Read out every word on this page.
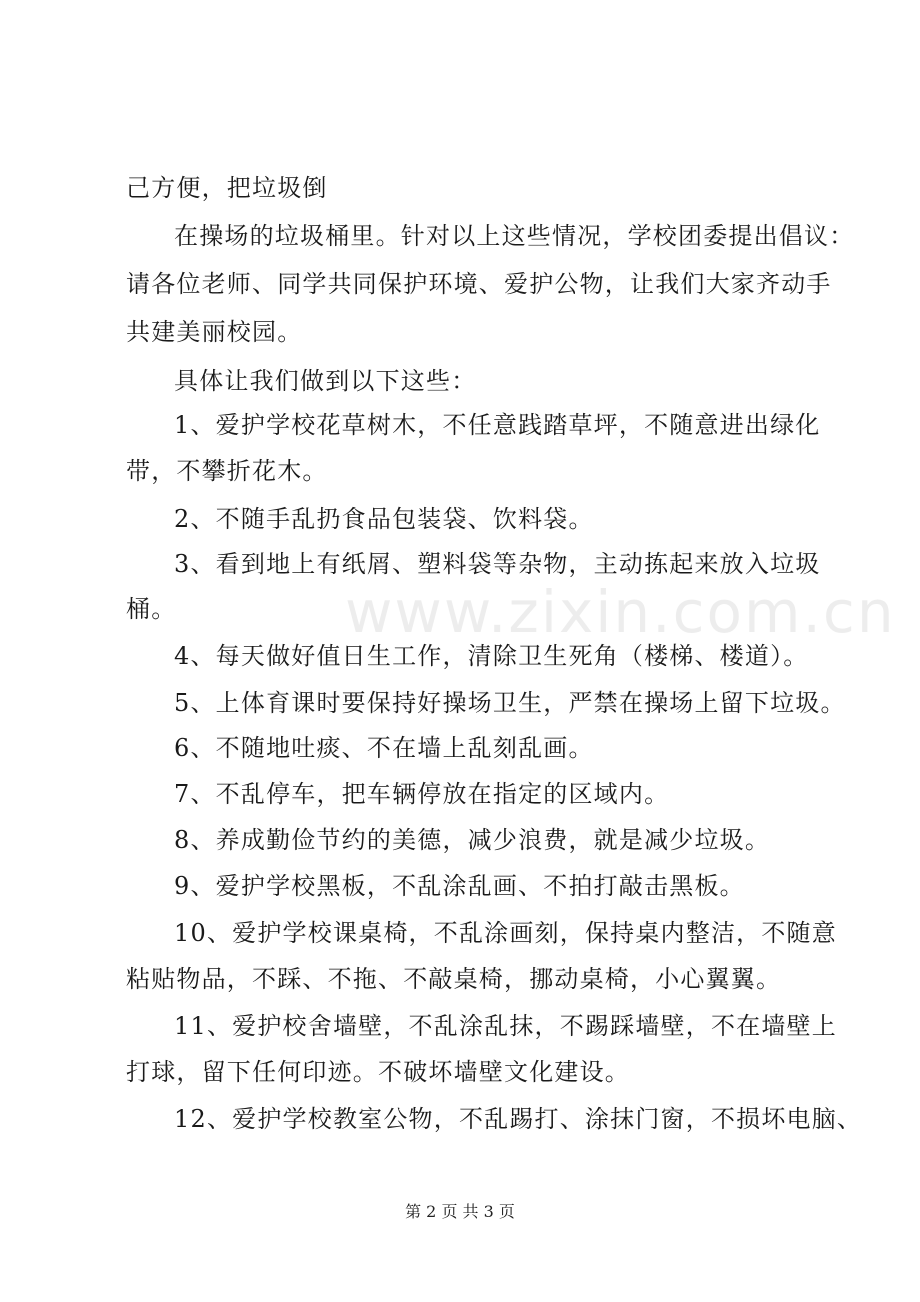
己方便，把垃圾倒
在操场的垃圾桶里。针对以上这些情况，学校团委提出倡议：
请各位老师、同学共同保护环境、爱护公物，让我们大家齐动手
共建美丽校园。
具体让我们做到以下这些：
1、爱护学校花草树木，不任意践踏草坪，不随意进出绿化
带，不攀折花木。
2、不随手乱扔食品包装袋、饮料袋。
3、看到地上有纸屑、塑料袋等杂物，主动拣起来放入垃圾
桶。
4、每天做好值日生工作，清除卫生死角（楼梯、楼道）。
5、上体育课时要保持好操场卫生，严禁在操场上留下垃圾。
6、不随地吐痰、不在墙上乱刻乱画。
7、不乱停车，把车辆停放在指定的区域内。
8、养成勤俭节约的美德，减少浪费，就是减少垃圾。
9、爱护学校黑板，不乱涂乱画、不拍打敲击黑板。
10、爱护学校课桌椅，不乱涂画刻，保持桌内整洁，不随意
粘贴物品，不踩、不拖、不敲桌椅，挪动桌椅，小心翼翼。
11、爱护校舍墙壁，不乱涂乱抹，不踢踩墙壁，不在墙壁上
打球，留下任何印迹。不破坏墙壁文化建设。
12、爱护学校教室公物，不乱踢打、涂抹门窗，不损坏电脑、
www.zixin.com.cn
第 2 页 共 3 页
